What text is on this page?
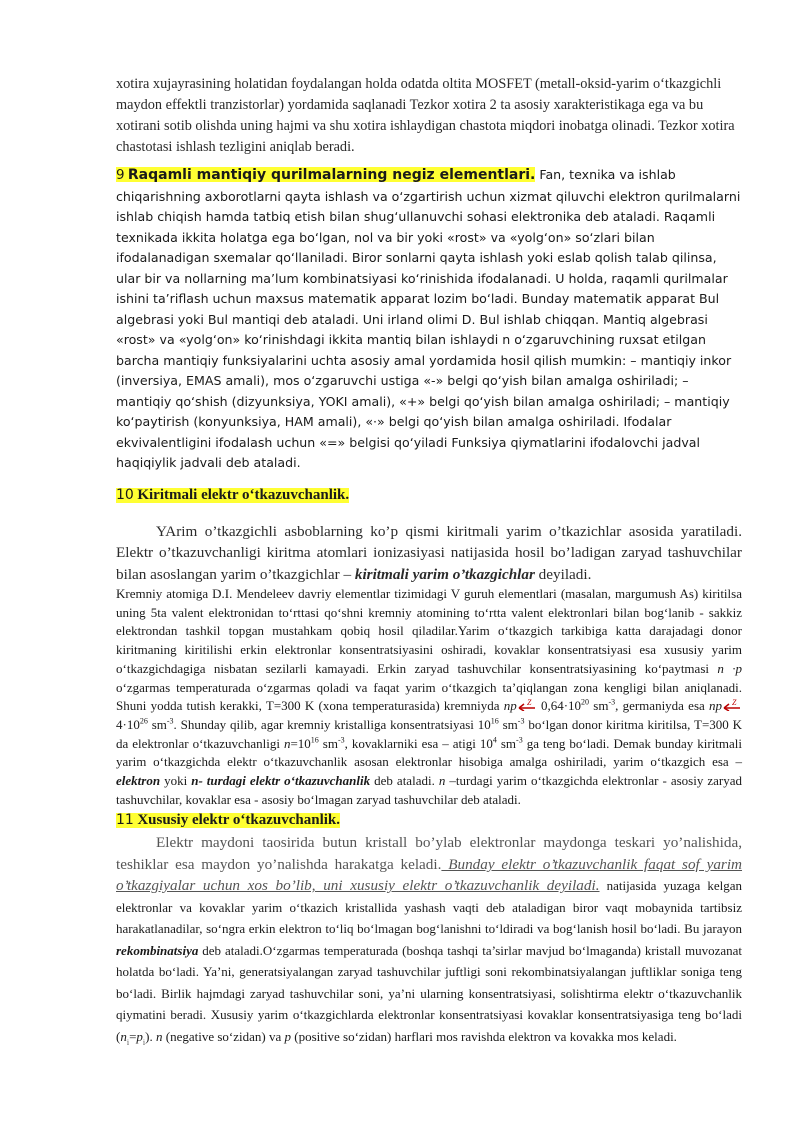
xotira xujayrasining holatidan foydalangan holda odatda oltita MOSFET (metall-oksid-yarim o‘tkazgichli maydon effektli tranzistorlar) yordamida saqlanadi Tezkor xotira 2 ta asosiy xarakteristikaga ega va bu xotirani sotib olishda uning hajmi va shu xotira ishlaydigan chastota miqdori inobatga olinadi. Tezkor xotira chastotasi ishlash tezligini aniqlab beradi.

9 Raqamli mantiqiy qurilmalarning negiz elementlari. Fan, texnika va ishlab chiqarishning axborotlarni qayta ishlash va o‘zgartirish uchun xizmat qiluvchi elektron qurilmalarni ishlab chiqish hamda tatbiq etish bilan shug‘ullanuvchi sohasi elektronika deb ataladi. Raqamli texnikada ikkita holatga ega bo‘lgan, nol va bir yoki «rost» va «yolg‘on» so‘zlari bilan ifodalanadigan sxemalar qo‘llaniladi. Biror sonlarni qayta ishlash yoki eslab qolish talab qilinsa, ular bir va nollarning ma’lum kombinatsiyasi ko‘rinishida ifodalanadi. U holda, raqamli qurilmalar ishini ta’riflash uchun maxsus matematik apparat lozim bo‘ladi. Bunday matematik apparat Bul algebrasi yoki Bul mantiqi deb ataladi. Uni irland olimi D. Bul ishlab chiqqan. Mantiq algebrasi «rost» va «yolg‘on» ko‘rinishdagi ikkita mantiq bilan ishlaydi n o‘zgaruvchining ruxsat etilgan barcha mantiqiy funksiyalarini uchta asosiy amal yordamida hosil qilish mumkin: – mantiqiy inkor (inversiya, EMAS amali), mos o‘zgaruvchi ustiga «-» belgi qo‘yish bilan amalga oshiriladi; – mantiqiy qo‘shish (dizyunksiya, YOKI amali), «+» belgi qo‘yish bilan amalga oshiriladi; – mantiqiy ko‘paytirish (konyunksiya, HAM amali), «·» belgi qo‘yish bilan amalga oshiriladi. Ifodalar ekvivalentligini ifodalash uchun «=» belgisi qo‘yiladi Funksiya qiymatlarini ifodalovchi jadval haqiqiylik jadvali deb ataladi.

10 Kiritmali elektr o‘tkazuvchanlik.

YArim o’tkazgichli asboblarning ko’p qismi kiritmali yarim o’tkazichlar asosida yaratiladi. Elektr o’tkazuvchanligi kiritma atomlari ionizasiyasi natijasida hosil bo’ladigan zaryad tashuvchilar bilan asoslangan yarim o’tkazgichlar – kiritmali yarim o’tkazgichlar deyiladi.

Kremniy atomiga D.I. Mendeleev davriy elementlar tizimidagi V guruh elementlari (masalan, margumush As) kiritilsa uning 5ta valent elektronidan to‘rttasi qo‘shni kremniy atomining to‘rtta valent elektronlari bilan bog‘lanib - sakkiz elektrondan tashkil topgan mustahkam qobiq hosil qiladilar.Yarim o‘tkazgich tarkibiga katta darajadagi donor kiritmaning kiritilishi erkin elektronlar konsentratsiyasini oshiradi, kovaklar konsentratsiyasi esa xususiy yarim o‘tkazgichdagiga nisbatan sezilarli kamayadi. Erkin zaryad tashuvchilar konsentratsiyasining ko‘paytmasi n ·p o‘zgarmas temperaturada o‘zgarmas qoladi va faqat yarim o‘tkazgich ta’qiqlangan zona kengligi bilan aniqlanadi. Shuni yodda tutish kerakki, T=300 K (xona temperaturasida) kremniyda np Z $0,64\cdot 10^{20}$ $sm^{-3}$, germaniyda esa np Z
$4\cdot 10^{26}$ $sm^{-3}$. Shunday qilib, agar kremniy kristalliga konsentratsiyasi $10^{16}$ $sm^{-3}$ bo‘lgan donor kiritma kiritilsa, T=300 K da elektronlar o‘tkazuvchanligi $n=10^{16}$ $sm^{-3}$, kovaklarniki esa – atigi $10^4$ $sm^{-3}$ ga teng bo‘ladi. Demak bunday kiritmali yarim o‘tkazgichda elektr o‘tkazuvchanlik asosan elektronlar hisobiga amalga oshiriladi, yarim o‘tkazgich esa – elektron yoki n- turdagi elektr o‘tkazuvchanlik deb ataladi. n –turdagi yarim o‘tkazgichda elektronlar - asosiy zaryad tashuvchilar, kovaklar esa - asosiy bo‘lmagan zaryad tashuvchilar deb ataladi.

11 Xususiy elektr o‘tkazuvchanlik.

Elektr maydoni taosirida butun kristall bo’ylab elektronlar maydonga teskari yo’nalishida, teshiklar esa maydon yo’nalishda harakatga keladi. Bunday elektr o’tkazuvchanlik faqat sof yarim o’tkazgiyalar uchun xos bo’lib, uni xususiy elektr o’tkazuvchanlik deyiladi. natijasida yuzaga kelgan elektronlar va kovaklar yarim o‘tkazich kristallida yashash vaqti deb ataladigan biror vaqt mobaynida tartibsiz harakatlanadilar, so‘ngra erkin elektron to‘liq bo‘lmagan bog‘lanishni to‘ldiradi va bog‘lanish hosil bo‘ladi. Bu jarayon rekombinatsiya deb ataladi.O‘zgarmas temperaturada (boshqa tashqi ta’sirlar mavjud bo‘lmaganda) kristall muvozanat holatda bo‘ladi. Ya’ni, generatsiyalangan zaryad tashuvchilar juftligi soni rekombinatsiyalangan juftliklar soniga teng bo‘ladi. Birlik hajmdagi zaryad tashuvchilar soni, ya’ni ularning konsentratsiyasi, solishtirma elektr o‘tkazuvchanlik qiymatini beradi. Xususiy yarim o‘tkazgichlarda elektronlar konsentratsiyasi kovaklar konsentratsiyasiga teng bo‘ladi $(n_i=p_i)$. n (negative so‘zidan) va p (positive so‘zidan) harflari mos ravishda elektron va kovakka mos keladi.
